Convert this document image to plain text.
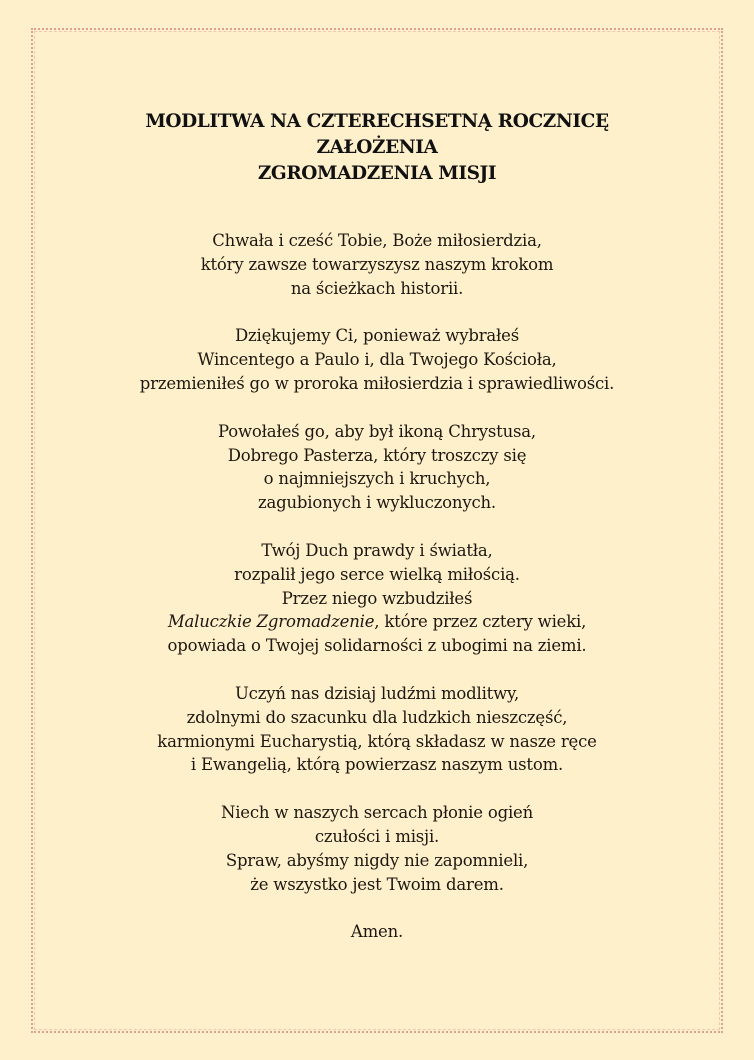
MODLITWA NA CZTERECHSETNĄ ROCZNICĘ
ZAŁOŻENIA
ZGROMADZENIA MISJI

Chwała i cześć Tobie, Boże miłosierdzia,
który zawsze towarzyszysz naszym krokom
na ścieżkach historii.

Dziękujemy Ci, ponieważ wybrałeś
Wincentego a Paulo i, dla Twojego Kościoła,
przemieniłeś go w proroka miłosierdzia i sprawiedliwości.

Powołałeś go, aby był ikoną Chrystusa,
Dobrego Pasterza, który troszczy się
o najmniejszych i kruchych,
zagubionych i wykluczonych.

Twój Duch prawdy i światła,
rozpalił jego serce wielką miłością.
Przez niego wzbudziłeś
Maluczkie Zgromadzenie, które przez cztery wieki,
opowiada o Twojej solidarności z ubogimi na ziemi.

Uczyń nas dzisiaj ludźmi modlitwy,
zdolnymi do szacunku dla ludzkich nieszczęść,
karmionymi Eucharystią, którą składasz w nasze ręce
i Ewangelią, którą powierzasz naszym ustom.

Niech w naszych sercach płonie ogień
czułości i misji.
Spraw, abyśmy nigdy nie zapomnieli,
że wszystko jest Twoim darem.

Amen.
